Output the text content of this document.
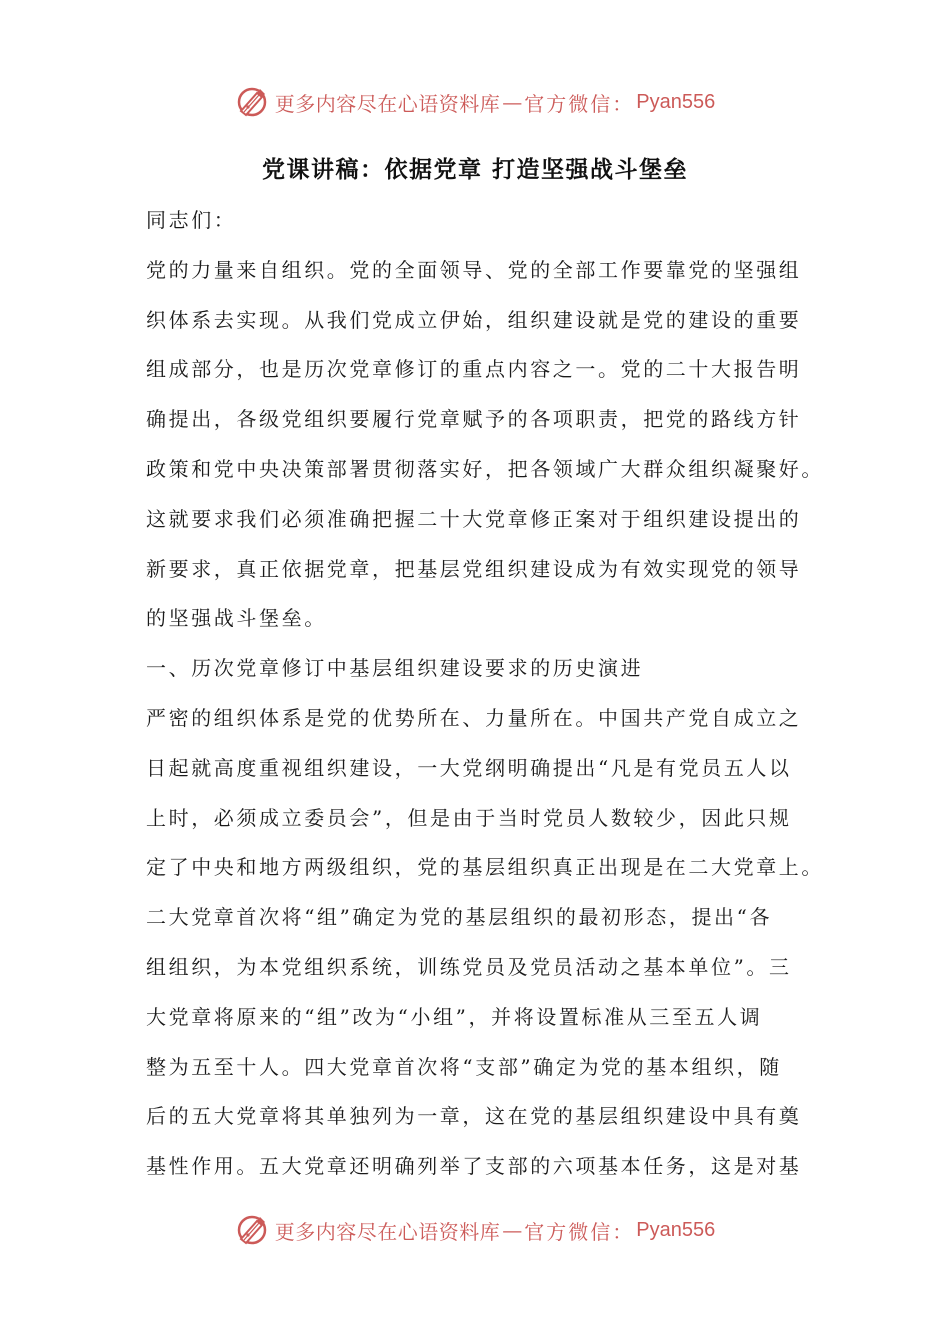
更多内容尽在心语资料库 — 官方微信： Pyan556
党课讲稿：依据党章 打造坚强战斗堡垒
同志们：
党的力量来自组织。党的全面领导、党的全部工作要靠党的坚强组
织体系去实现。从我们党成立伊始，组织建设就是党的建设的重要
组成部分，也是历次党章修订的重点内容之一。党的二十大报告明
确提出，各级党组织要履行党章赋予的各项职责，把党的路线方针
政策和党中央决策部署贯彻落实好，把各领域广大群众组织凝聚好。
这就要求我们必须准确把握二十大党章修正案对于组织建设提出的
新要求，真正依据党章，把基层党组织建设成为有效实现党的领导
的坚强战斗堡垒。
一、历次党章修订中基层组织建设要求的历史演进
严密的组织体系是党的优势所在、力量所在。中国共产党自成立之
日起就高度重视组织建设，一大党纲明确提出“凡是有党员五人以
上时，必须成立委员会”，但是由于当时党员人数较少，因此只规
定了中央和地方两级组织，党的基层组织真正出现是在二大党章上。
二大党章首次将“组”确定为党的基层组织的最初形态，提出“各
组组织，为本党组织系统，训练党员及党员活动之基本单位”。三
大党章将原来的“组”改为“小组”，并将设置标准从三至五人调
整为五至十人。四大党章首次将“支部”确定为党的基本组织，随
后的五大党章将其单独列为一章，这在党的基层组织建设中具有奠
基性作用。五大党章还明确列举了支部的六项基本任务，这是对基
更多内容尽在心语资料库 — 官方微信： Pyan556
